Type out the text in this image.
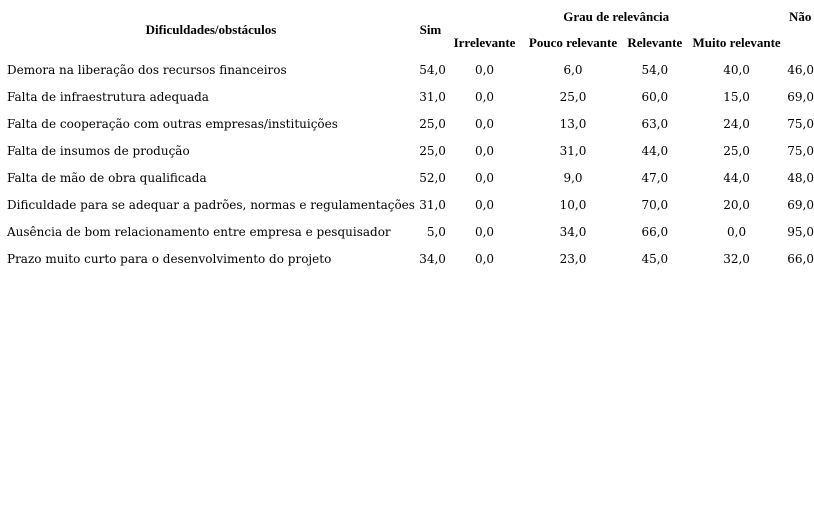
Dificuldades/obstáculos	Sim	Grau de relevância				Não
		Irrelevante	Pouco relevante	Relevante	Muito relevante	
Demora na liberação dos recursos financeiros	54,0	0,0	6,0	54,0	40,0	46,0
Falta de infraestrutura adequada	31,0	0,0	25,0	60,0	15,0	69,0
Falta de cooperação com outras empresas/instituições	25,0	0,0	13,0	63,0	24,0	75,0
Falta de insumos de produção	25,0	0,0	31,0	44,0	25,0	75,0
Falta de mão de obra qualificada	52,0	0,0	9,0	47,0	44,0	48,0
Dificuldade para se adequar a padrões, normas e regulamentações	31,0	0,0	10,0	70,0	20,0	69,0
Ausência de bom relacionamento entre empresa e pesquisador	5,0	0,0	34,0	66,0	0,0	95,0
Prazo muito curto para o desenvolvimento do projeto	34,0	0,0	23,0	45,0	32,0	66,0
